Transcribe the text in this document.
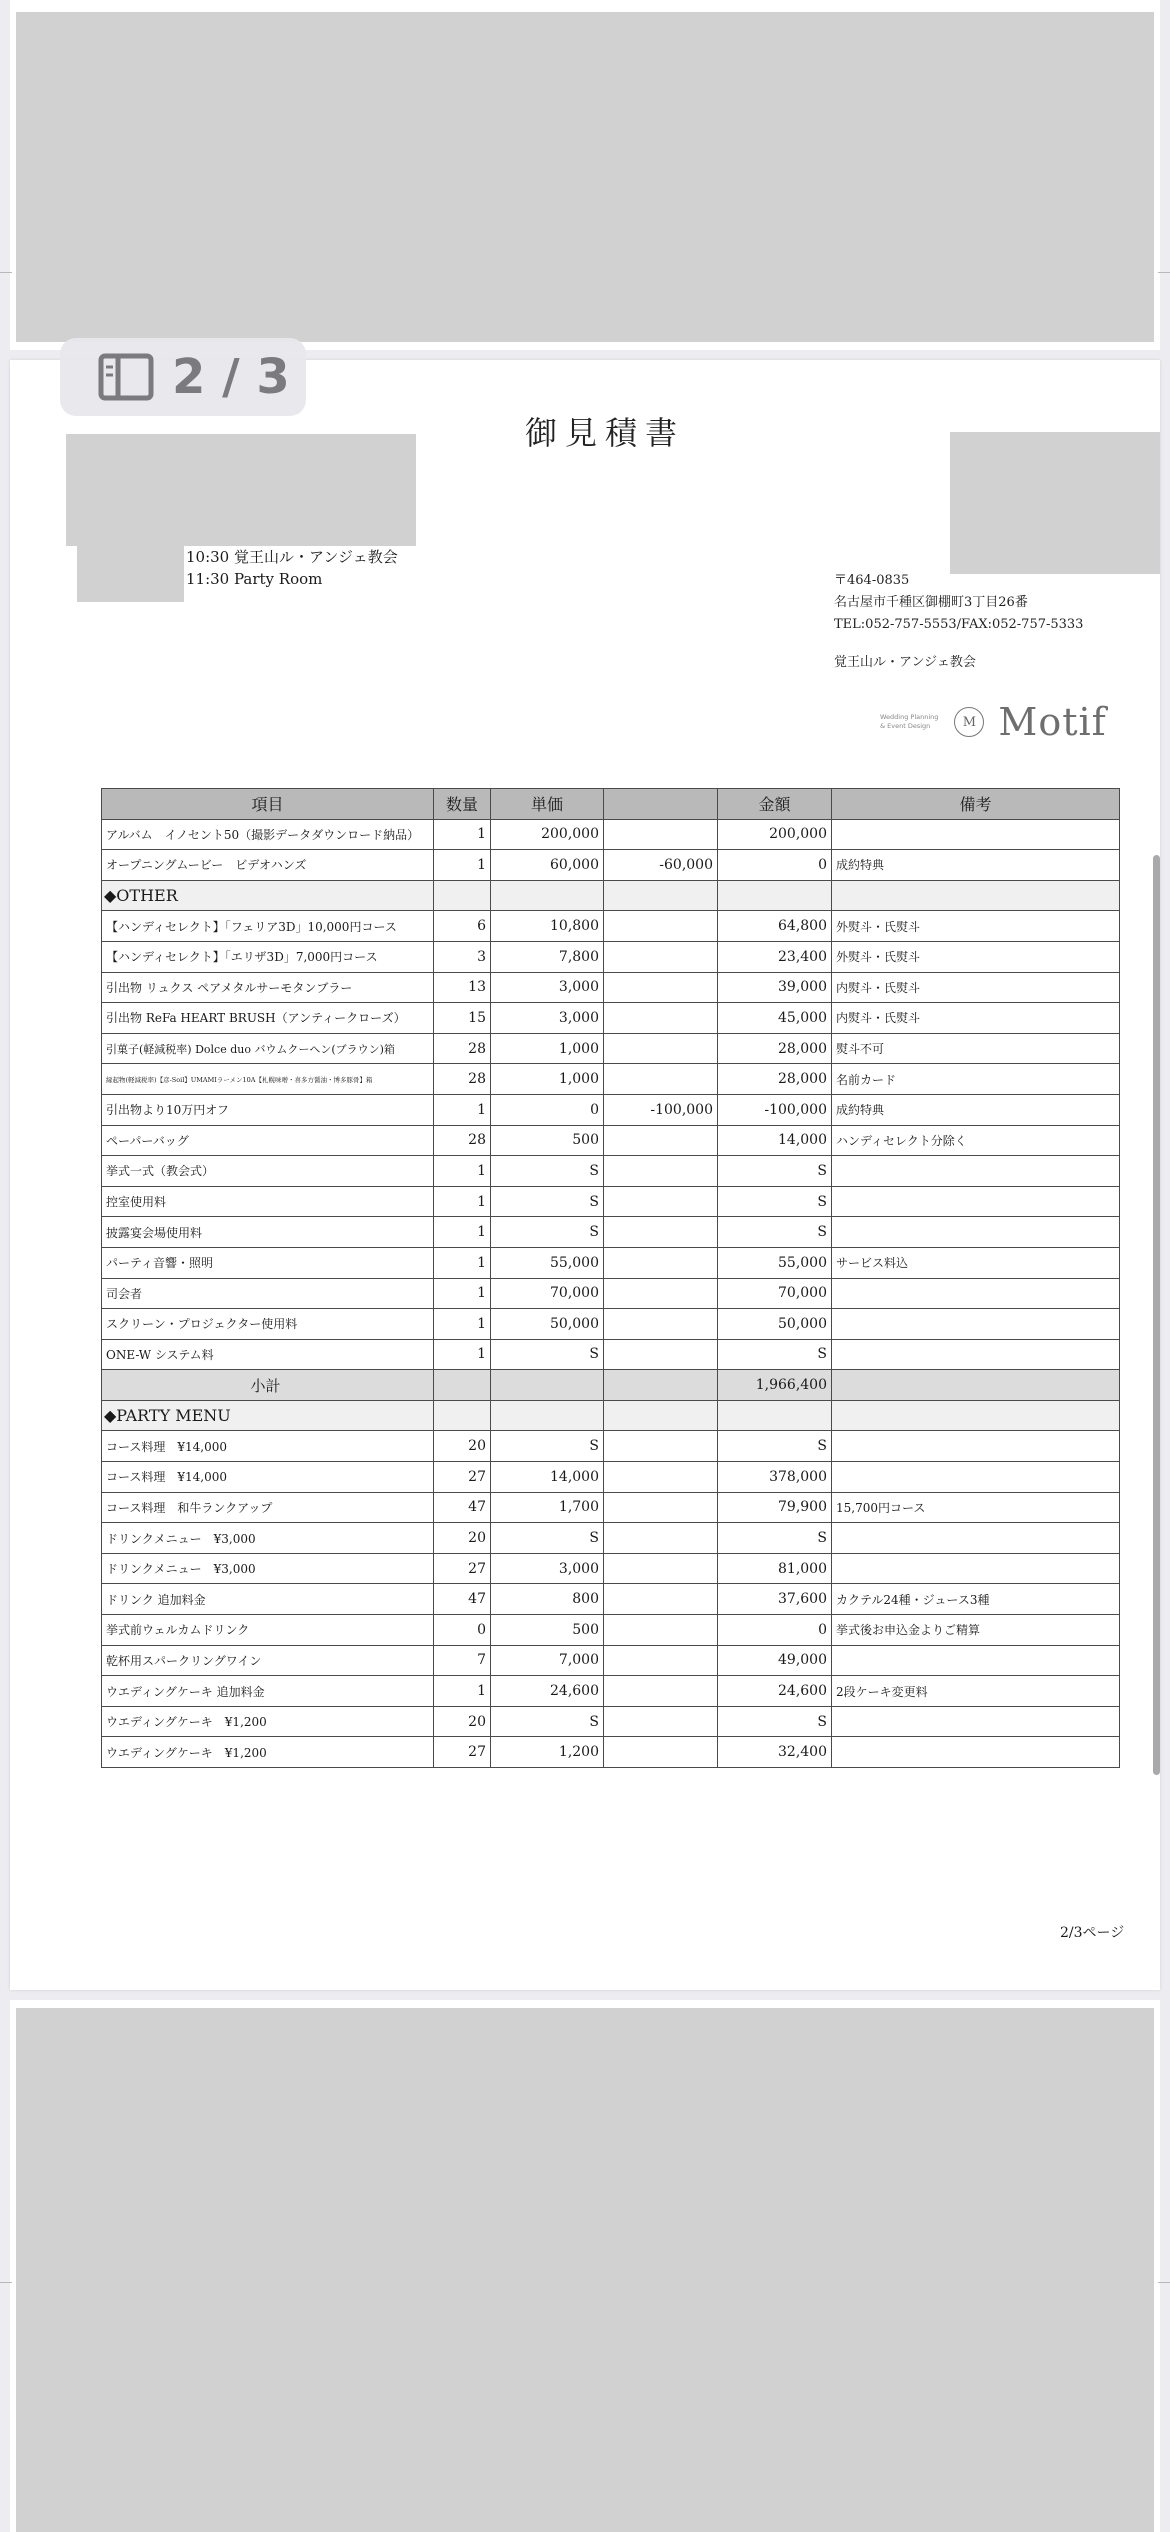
2 / 3
御見積書
10:30 覚王山ル・アンジェ教会
11:30 Party Room	〒464-0835
名古屋市千種区御棚町3丁目26番
TEL:052-757-5553/FAX:052-757-5333
覚王山ル・アンジェ教会
Wedding Planning
& Event Design	M Motif
項目	数量	単価		金額	備考
アルバム　イノセント50（撮影データダウンロード納品）	1	200,000		200,000	
オープニングムービー　ビデオハンズ	1	60,000	-60,000	0	成約特典
◆OTHER					
【ハンディセレクト】「フェリア3D」10,000円コース	6	10,800		64,800	外熨斗・氏熨斗
【ハンディセレクト】「エリザ3D」7,000円コース	3	7,800		23,400	外熨斗・氏熨斗
引出物 リュクス ペアメタルサーモタンブラー	13	3,000		39,000	内熨斗・氏熨斗
引出物 ReFa HEART BRUSH（アンティークローズ）	15	3,000		45,000	内熨斗・氏熨斗
引菓子(軽減税率) Dolce duo バウムクーヘン(ブラウン)箱	28	1,000		28,000	熨斗不可
縁起物(軽減税率)【彦-Soil】UMAMIラーメン10A【札幌味噌・喜多方醤油・博多豚骨】箱	28	1,000		28,000	名前カード
引出物より10万円オフ	1	0	-100,000	-100,000	成約特典
ペーパーバッグ	28	500		14,000	ハンディセレクト分除く
挙式一式（教会式）	1	S		S	
控室使用料	1	S		S	
披露宴会場使用料	1	S		S	
パーティ音響・照明	1	55,000		55,000	サービス料込
司会者	1	70,000		70,000	
スクリーン・プロジェクター使用料	1	50,000		50,000	
ONE-W システム料	1	S		S	
小計				1,966,400	
◆PARTY MENU					
コース料理　¥14,000	20	S		S	
コース料理　¥14,000	27	14,000		378,000	
コース料理　和牛ランクアップ	47	1,700		79,900	15,700円コース
ドリンクメニュー　¥3,000	20	S		S	
ドリンクメニュー　¥3,000	27	3,000		81,000	
ドリンク 追加料金	47	800		37,600	カクテル24種・ジュース3種
挙式前ウェルカムドリンク	0	500		0	挙式後お申込金よりご精算
乾杯用スパークリングワイン	7	7,000		49,000	
ウエディングケーキ 追加料金	1	24,600		24,600	2段ケーキ変更料
ウエディングケーキ　¥1,200	20	S		S	
ウエディングケーキ　¥1,200	27	1,200		32,400	
2/3ページ
